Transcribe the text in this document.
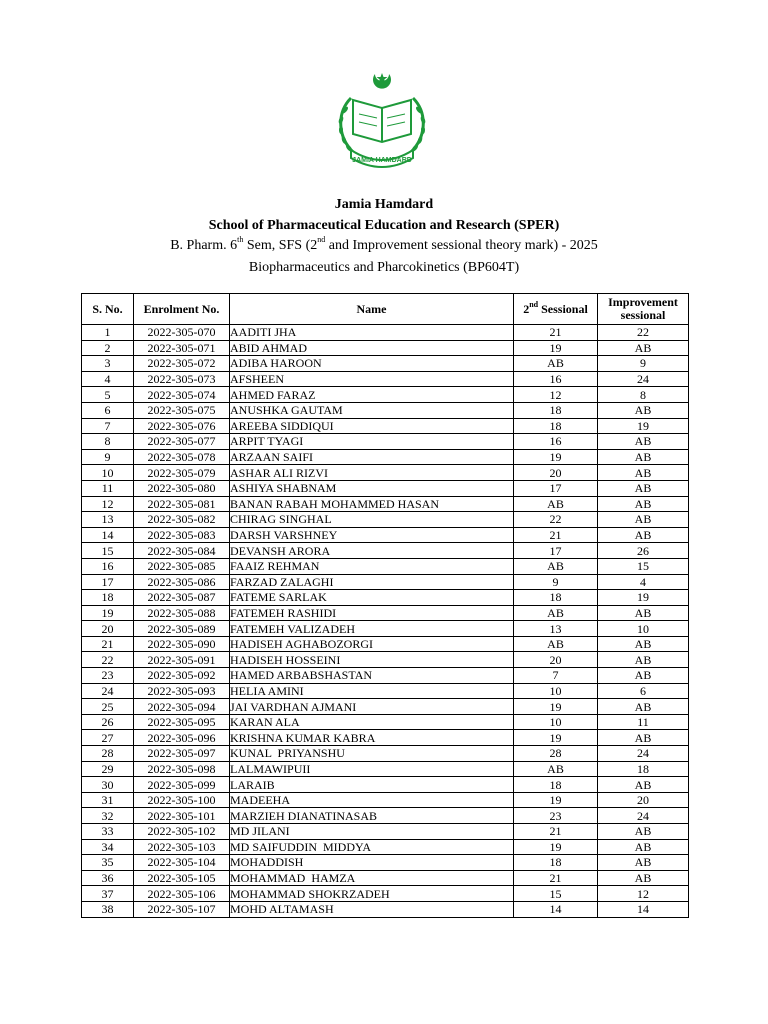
JAMIA HAMDARD
Jamia Hamdard
School of Pharmaceutical Education and Research (SPER)
B. Pharm. 6th Sem, SFS (2nd and Improvement sessional theory mark) - 2025
Biopharmaceutics and Pharcokinetics (BP604T)
S. No.	Enrolment No.	Name	2nd Sessional	Improvement sessional
1	2022-305-070	AADITI JHA	21	22
2	2022-305-071	ABID AHMAD	19	AB
3	2022-305-072	ADIBA HAROON	AB	9
4	2022-305-073	AFSHEEN	16	24
5	2022-305-074	AHMED FARAZ	12	8
6	2022-305-075	ANUSHKA GAUTAM	18	AB
7	2022-305-076	AREEBA SIDDIQUI	18	19
8	2022-305-077	ARPIT TYAGI	16	AB
9	2022-305-078	ARZAAN SAIFI	19	AB
10	2022-305-079	ASHAR ALI RIZVI	20	AB
11	2022-305-080	ASHIYA SHABNAM	17	AB
12	2022-305-081	BANAN RABAH MOHAMMED HASAN	AB	AB
13	2022-305-082	CHIRAG SINGHAL	22	AB
14	2022-305-083	DARSH VARSHNEY	21	AB
15	2022-305-084	DEVANSH ARORA	17	26
16	2022-305-085	FAAIZ REHMAN	AB	15
17	2022-305-086	FARZAD ZALAGHI	9	4
18	2022-305-087	FATEME SARLAK	18	19
19	2022-305-088	FATEMEH RASHIDI	AB	AB
20	2022-305-089	FATEMEH VALIZADEH	13	10
21	2022-305-090	HADISEH AGHABOZORGI	AB	AB
22	2022-305-091	HADISEH HOSSEINI	20	AB
23	2022-305-092	HAMED ARBABSHASTAN	7	AB
24	2022-305-093	HELIA AMINI	10	6
25	2022-305-094	JAI VARDHAN AJMANI	19	AB
26	2022-305-095	KARAN ALA	10	11
27	2022-305-096	KRISHNA KUMAR KABRA	19	AB
28	2022-305-097	KUNAL  PRIYANSHU	28	24
29	2022-305-098	LALMAWIPUII	AB	18
30	2022-305-099	LARAIB	18	AB
31	2022-305-100	MADEEHA	19	20
32	2022-305-101	MARZIEH DIANATINASAB	23	24
33	2022-305-102	MD JILANI	21	AB
34	2022-305-103	MD SAIFUDDIN  MIDDYA	19	AB
35	2022-305-104	MOHADDISH	18	AB
36	2022-305-105	MOHAMMAD  HAMZA	21	AB
37	2022-305-106	MOHAMMAD SHOKRZADEH	15	12
38	2022-305-107	MOHD ALTAMASH	14	14
